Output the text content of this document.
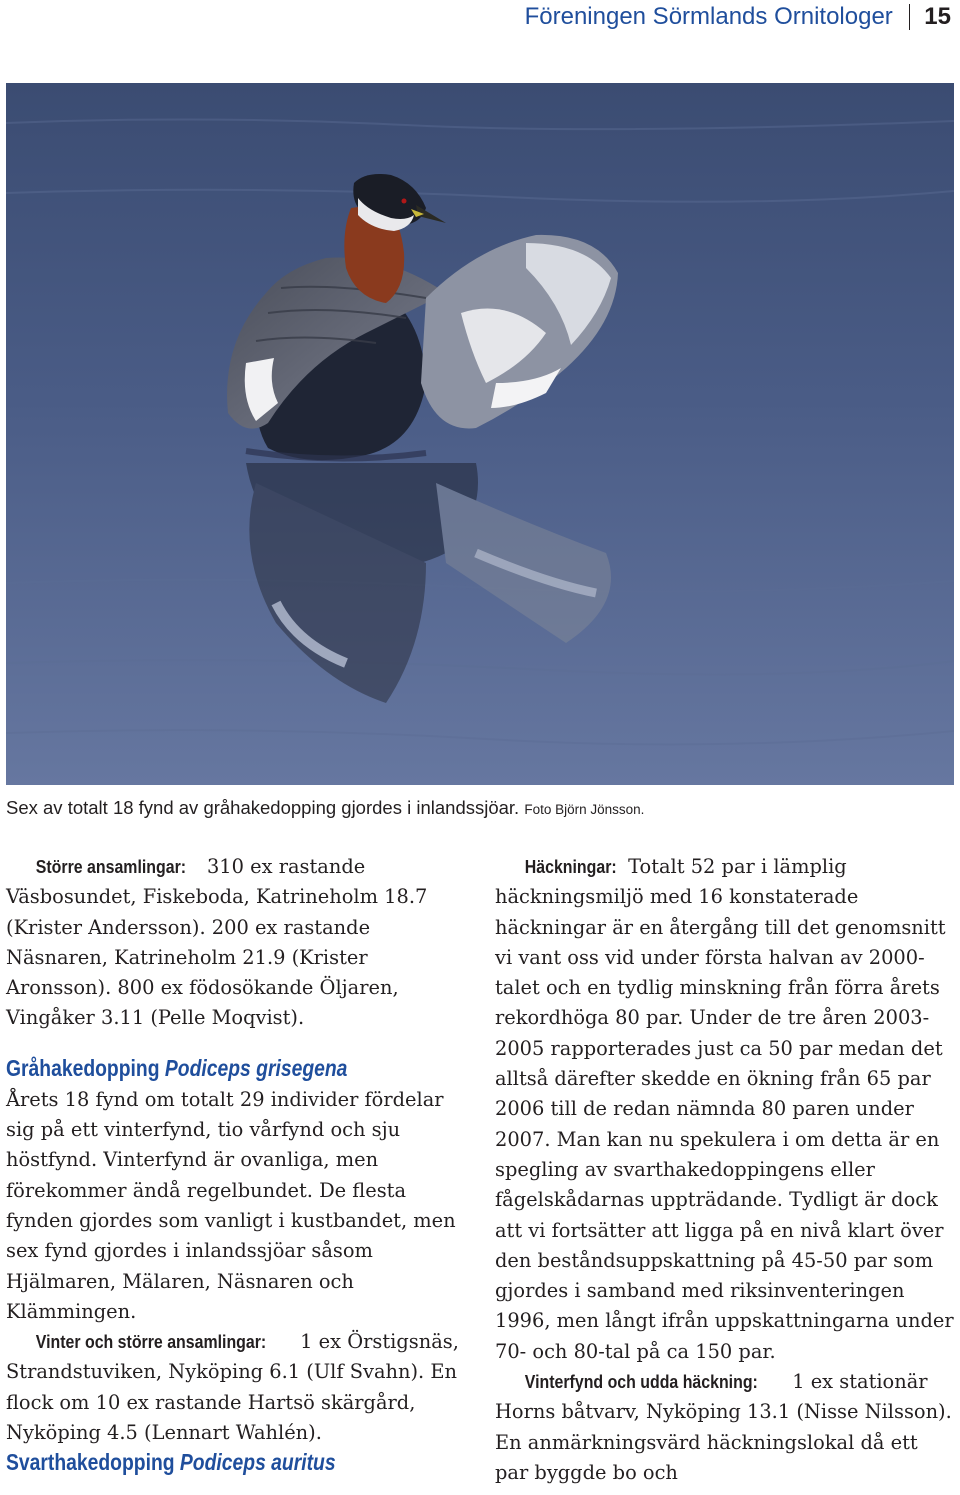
Föreningen Sörmlands Ornitologer 15
Sex av totalt 18 fynd av gråhakedopping gjordes i inlandssjöar. Foto Björn Jönsson.

Större ansamlingar: 310 ex rastande Väsbosundet, Fiskeboda, Katrineholm 18.7 (Krister Andersson). 200 ex rastande Näsnaren, Katrineholm 21.9 (Krister Aronsson). 800 ex födosökande Öljaren, Vingåker 3.11 (Pelle Moqvist).

Gråhakedopping Podiceps grisegena

Årets 18 fynd om totalt 29 individer fördelar sig på ett vinterfynd, tio vårfynd och sju höstfynd. Vinterfynd är ovanliga, men förekommer ändå regelbundet. De flesta fynden gjordes som vanligt i kustbandet, men sex fynd gjordes i inlandssjöar såsom Hjälmaren, Mälaren, Näsnaren och Klämmingen.

Vinter och större ansamlingar: 1 ex Örstigsnäs, Strandstuviken, Nyköping 6.1 (Ulf Svahn). En flock om 10 ex rastande Hartsö skärgård, Nyköping 4.5 (Lennart Wahlén).

Svarthakedopping Podiceps auritus

Häckningar: Totalt 52 par i lämplig häckningsmiljö med 16 konstaterade häckningar är en återgång till det genomsnitt vi vant oss vid under första halvan av 2000-talet och en tydlig minskning från förra årets rekordhöga 80 par. Under de tre åren 2003-2005 rapporterades just ca 50 par medan det alltså därefter skedde en ökning från 65 par 2006 till de redan nämnda 80 paren under 2007. Man kan nu spekulera i om detta är en spegling av svarthakedoppingens eller fågelskådarnas uppträdande. Tydligt är dock att vi fortsätter att ligga på en nivå klart över den beståndsuppskattning på 45-50 par som gjordes i samband med riksinventeringen 1996, men långt ifrån uppskattningarna under 70- och 80-tal på ca 150 par.

Vinterfynd och udda häckning: 1 ex stationär Horns båtvarv, Nyköping 13.1 (Nisse Nilsson). En anmärkningsvärd häckningslokal då ett par byggde bo och
